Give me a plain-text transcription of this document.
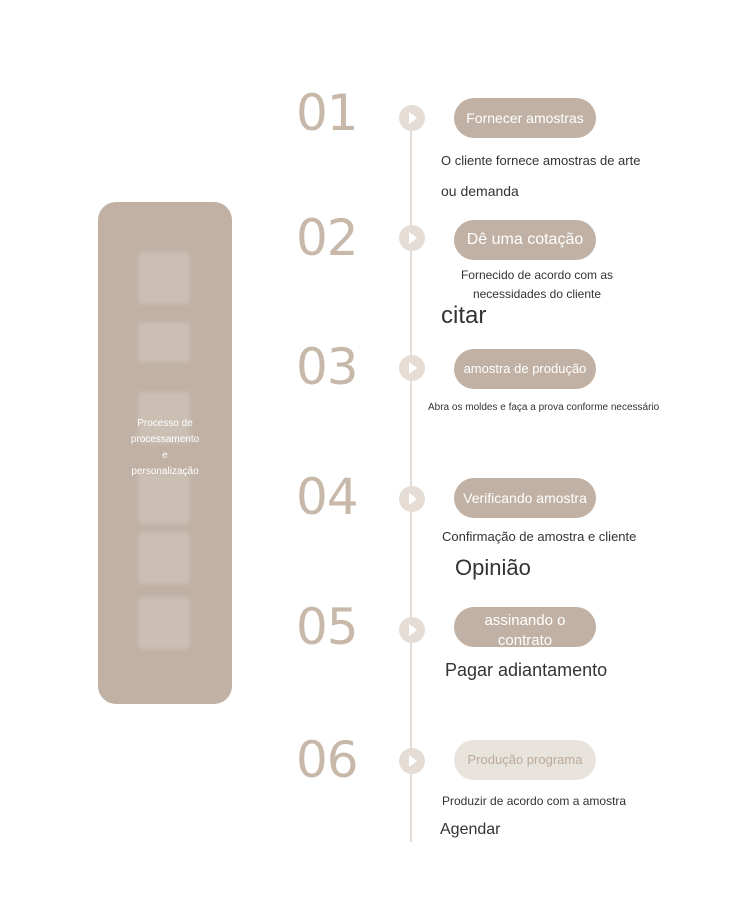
Processo de
processamento
e
personalização
01	Fornecer amostras
O cliente fornece amostras de arte
ou demanda
02	Dê uma cotação
Fornecido de acordo com as
necessidades do cliente
citar
03	amostra de produção
Abra os moldes e faça a prova conforme necessário
04	Verificando amostra
Confirmação de amostra e cliente
Opinião
05	assinando o contrato
Pagar adiantamento
06	Produção programa
Produzir de acordo com a amostra
Agendar
